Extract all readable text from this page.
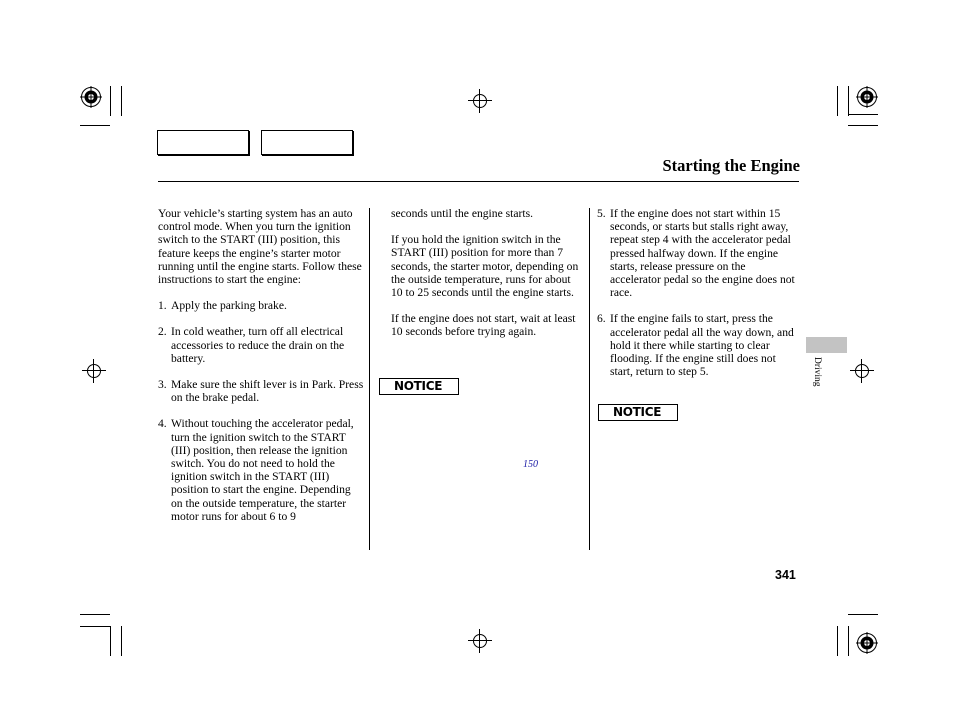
Starting the Engine

Your vehicle’s starting system has an auto control mode. When you turn the ignition switch to the START (III) position, this feature keeps the engine’s starter motor running until the engine starts. Follow these instructions to start the engine:

1. Apply the parking brake.
2. In cold weather, turn off all electrical accessories to reduce the drain on the battery.
3. Make sure the shift lever is in Park. Press on the brake pedal.
4. Without touching the accelerator pedal, turn the ignition switch to the START (III) position, then release the ignition switch. You do not need to hold the ignition switch in the START (III) position to start the engine. Depending on the outside temperature, the starter motor runs for about 6 to 9

seconds until the engine starts.

If you hold the ignition switch in the START (III) position for more than 7 seconds, the starter motor, depending on the outside temperature, runs for about 10 to 25 seconds until the engine starts.

If the engine does not start, wait at least 10 seconds before trying again.

NOTICE
150
5. If the engine does not start within 15 seconds, or starts but stalls right away, repeat step 4 with the accelerator pedal pressed halfway down. If the engine starts, release pressure on the accelerator pedal so the engine does not race.
6. If the engine fails to start, press the accelerator pedal all the way down, and hold it there while starting to clear flooding. If the engine still does not start, return to step 5.
NOTICE
Driving
341
